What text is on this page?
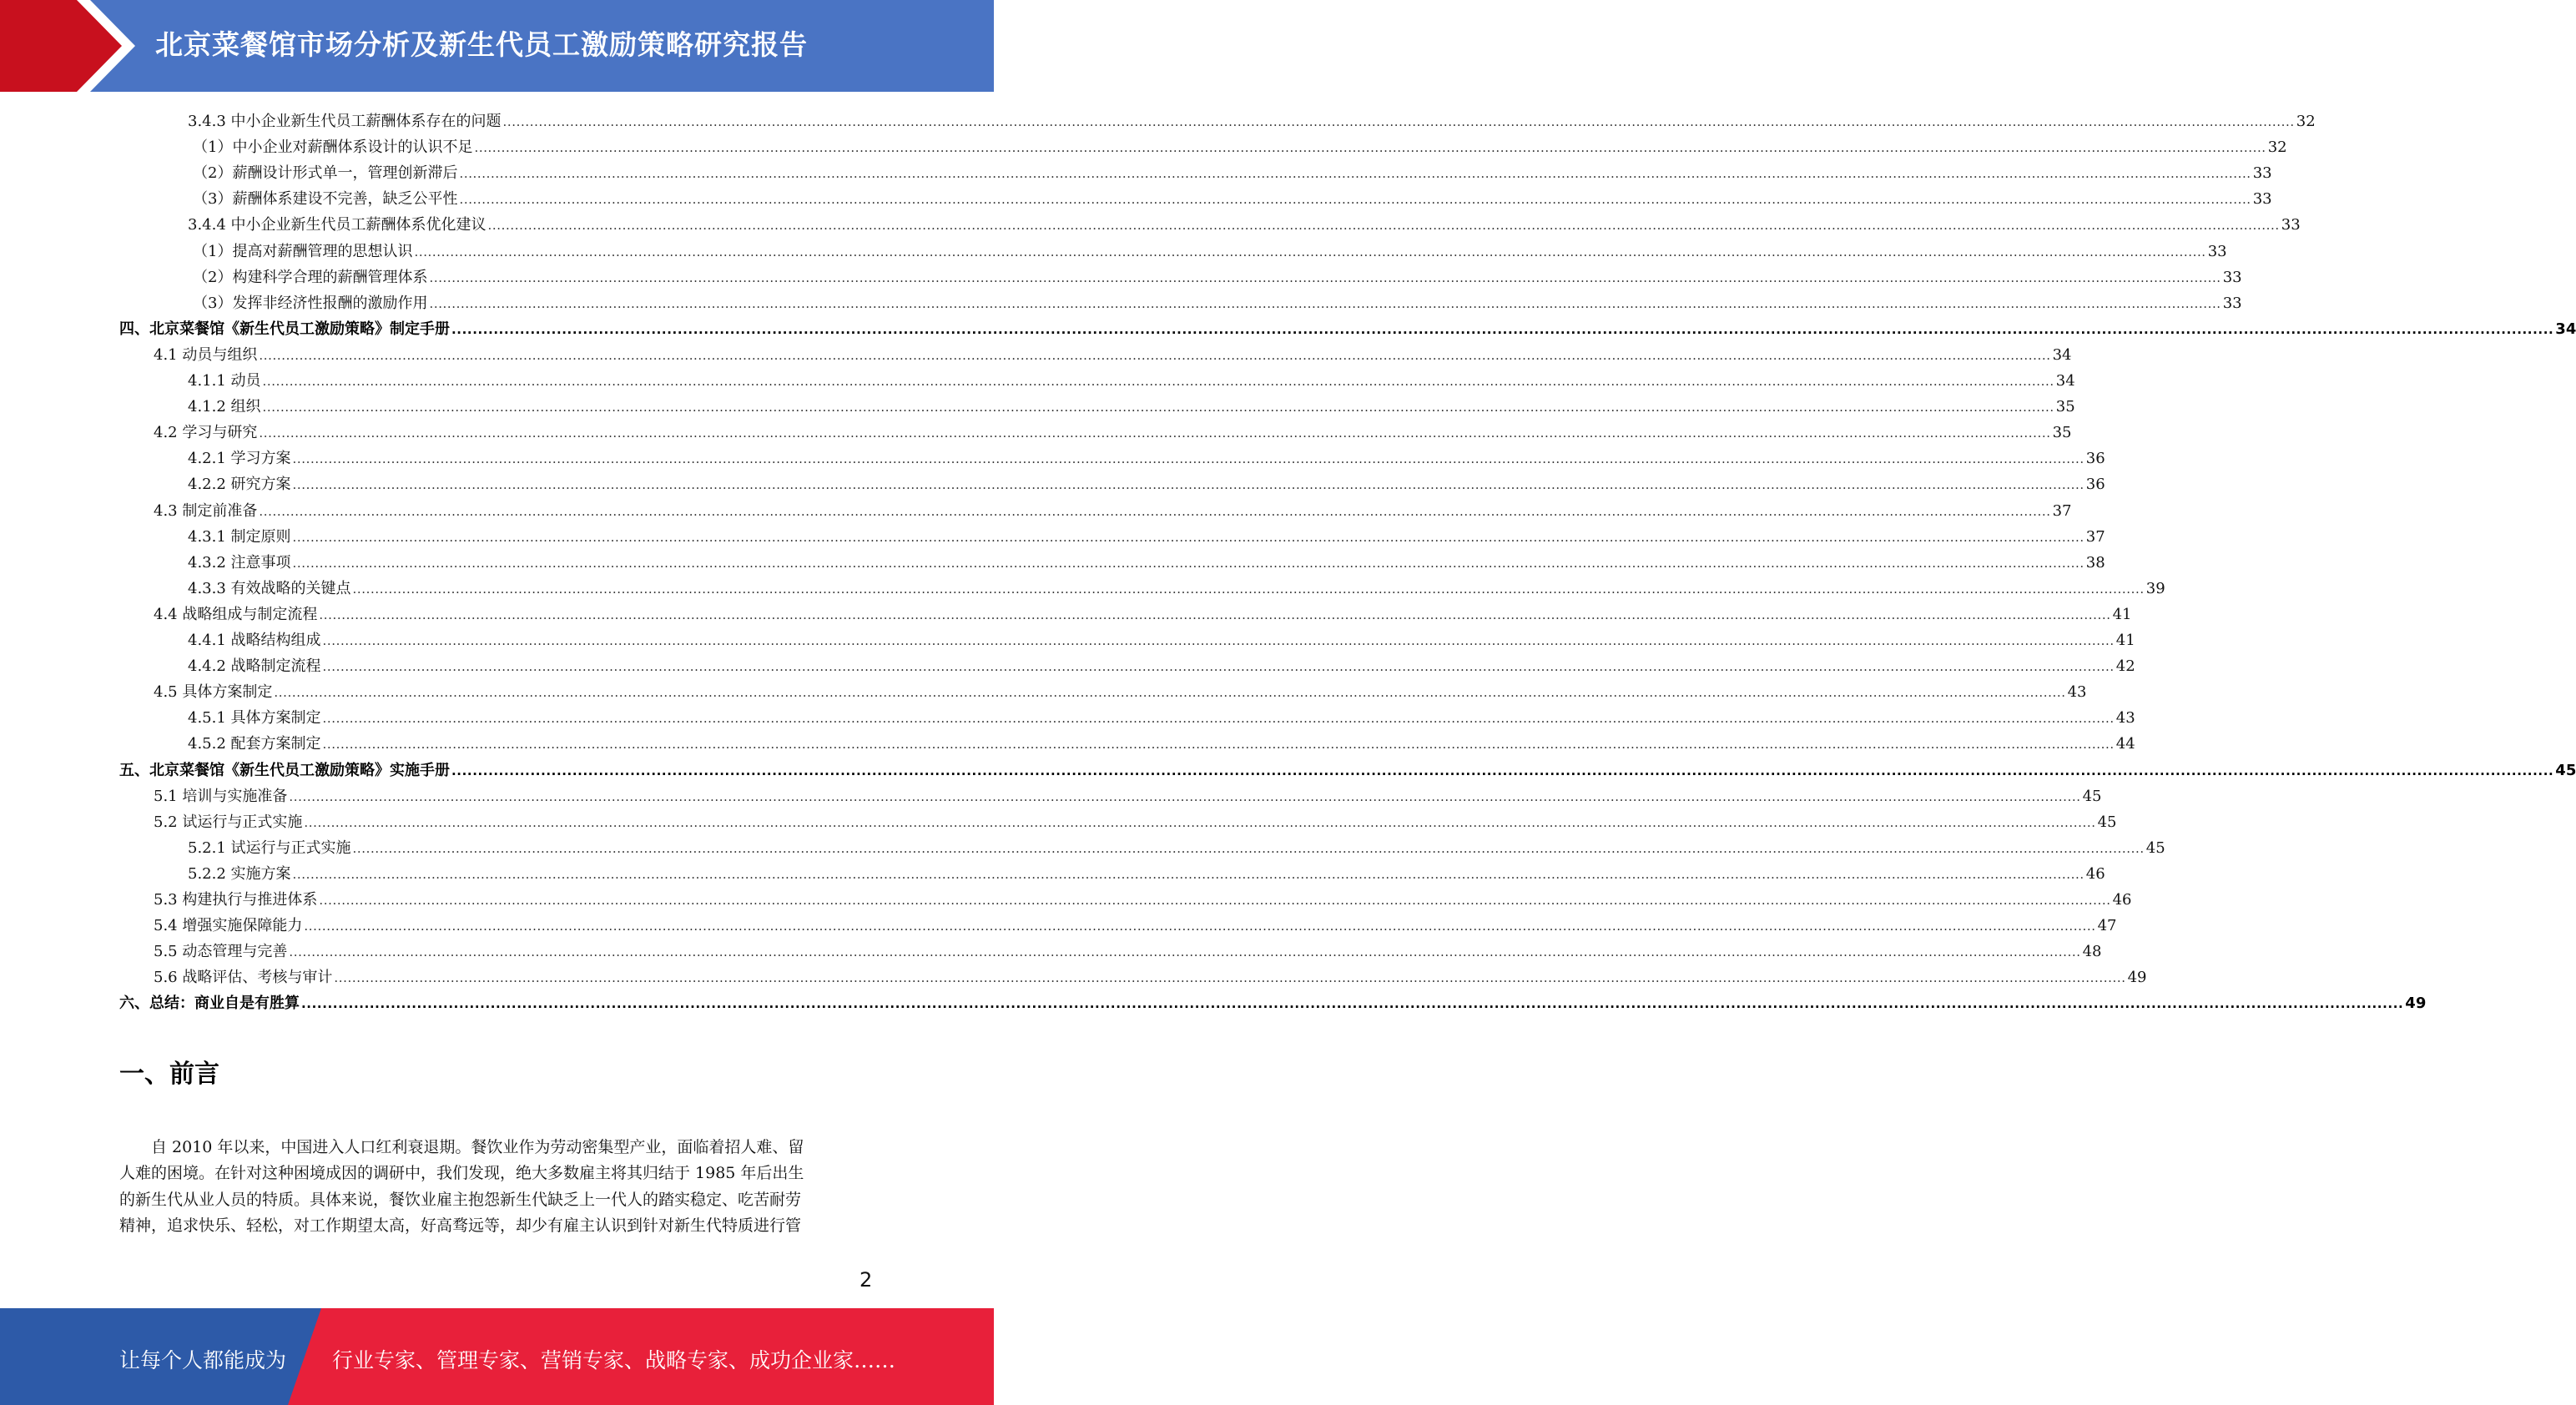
北京菜餐馆市场分析及新生代员工激励策略研究报告
3.4.3 中小企业新生代员工薪酬体系存在的问题 ................................................................................................................................................................................................................................................................................................................................................................................................................ 32
（1）中小企业对薪酬体系设计的认识不足 ................................................................................................................................................................................................................................................................................................................................................................................................................ 32
（2）薪酬设计形式单一，管理创新滞后 ................................................................................................................................................................................................................................................................................................................................................................................................................ 33
（3）薪酬体系建设不完善，缺乏公平性 ................................................................................................................................................................................................................................................................................................................................................................................................................ 33
3.4.4 中小企业新生代员工薪酬体系优化建议 ................................................................................................................................................................................................................................................................................................................................................................................................................ 33
（1）提高对薪酬管理的思想认识 ................................................................................................................................................................................................................................................................................................................................................................................................................ 33
（2）构建科学合理的薪酬管理体系 ................................................................................................................................................................................................................................................................................................................................................................................................................ 33
（3）发挥非经济性报酬的激励作用 ................................................................................................................................................................................................................................................................................................................................................................................................................ 33
四、北京菜餐馆《新生代员工激励策略》制定手册 ................................................................................................................................................................................................................................................................................................................................................................................................................ 34
4.1 动员与组织 ................................................................................................................................................................................................................................................................................................................................................................................................................ 34
4.1.1 动员 ................................................................................................................................................................................................................................................................................................................................................................................................................ 34
4.1.2 组织 ................................................................................................................................................................................................................................................................................................................................................................................................................ 35
4.2 学习与研究 ................................................................................................................................................................................................................................................................................................................................................................................................................ 35
4.2.1 学习方案 ................................................................................................................................................................................................................................................................................................................................................................................................................ 36
4.2.2 研究方案 ................................................................................................................................................................................................................................................................................................................................................................................................................ 36
4.3 制定前准备 ................................................................................................................................................................................................................................................................................................................................................................................................................ 37
4.3.1 制定原则 ................................................................................................................................................................................................................................................................................................................................................................................................................ 37
4.3.2 注意事项 ................................................................................................................................................................................................................................................................................................................................................................................................................ 38
4.3.3 有效战略的关键点 ................................................................................................................................................................................................................................................................................................................................................................................................................ 39
4.4 战略组成与制定流程 ................................................................................................................................................................................................................................................................................................................................................................................................................ 41
4.4.1 战略结构组成 ................................................................................................................................................................................................................................................................................................................................................................................................................ 41
4.4.2 战略制定流程 ................................................................................................................................................................................................................................................................................................................................................................................................................ 42
4.5 具体方案制定 ................................................................................................................................................................................................................................................................................................................................................................................................................ 43
4.5.1 具体方案制定 ................................................................................................................................................................................................................................................................................................................................................................................................................ 43
4.5.2 配套方案制定 ................................................................................................................................................................................................................................................................................................................................................................................................................ 44
五、北京菜餐馆《新生代员工激励策略》实施手册 ................................................................................................................................................................................................................................................................................................................................................................................................................ 45
5.1 培训与实施准备 ................................................................................................................................................................................................................................................................................................................................................................................................................ 45
5.2 试运行与正式实施 ................................................................................................................................................................................................................................................................................................................................................................................................................ 45
5.2.1 试运行与正式实施 ................................................................................................................................................................................................................................................................................................................................................................................................................ 45
5.2.2 实施方案 ................................................................................................................................................................................................................................................................................................................................................................................................................ 46
5.3 构建执行与推进体系 ................................................................................................................................................................................................................................................................................................................................................................................................................ 46
5.4 增强实施保障能力 ................................................................................................................................................................................................................................................................................................................................................................................................................ 47
5.5 动态管理与完善 ................................................................................................................................................................................................................................................................................................................................................................................................................ 48
5.6 战略评估、考核与审计 ................................................................................................................................................................................................................................................................................................................................................................................................................ 49
六、总结：商业自是有胜算 ................................................................................................................................................................................................................................................................................................................................................................................................................ 49
一、前言
　　自 2010 年以来，中国进入人口红利衰退期。餐饮业作为劳动密集型产业，面临着招人难、留
人难的困境。在针对这种困境成因的调研中，我们发现，绝大多数雇主将其归结于 1985 年后出生
的新生代从业人员的特质。具体来说，餐饮业雇主抱怨新生代缺乏上一代人的踏实稳定、吃苦耐劳
精神，追求快乐、轻松，对工作期望太高，好高骛远等，却少有雇主认识到针对新生代特质进行管
2
让每个人都能成为 行业专家、管理专家、营销专家、战略专家、成功企业家……
